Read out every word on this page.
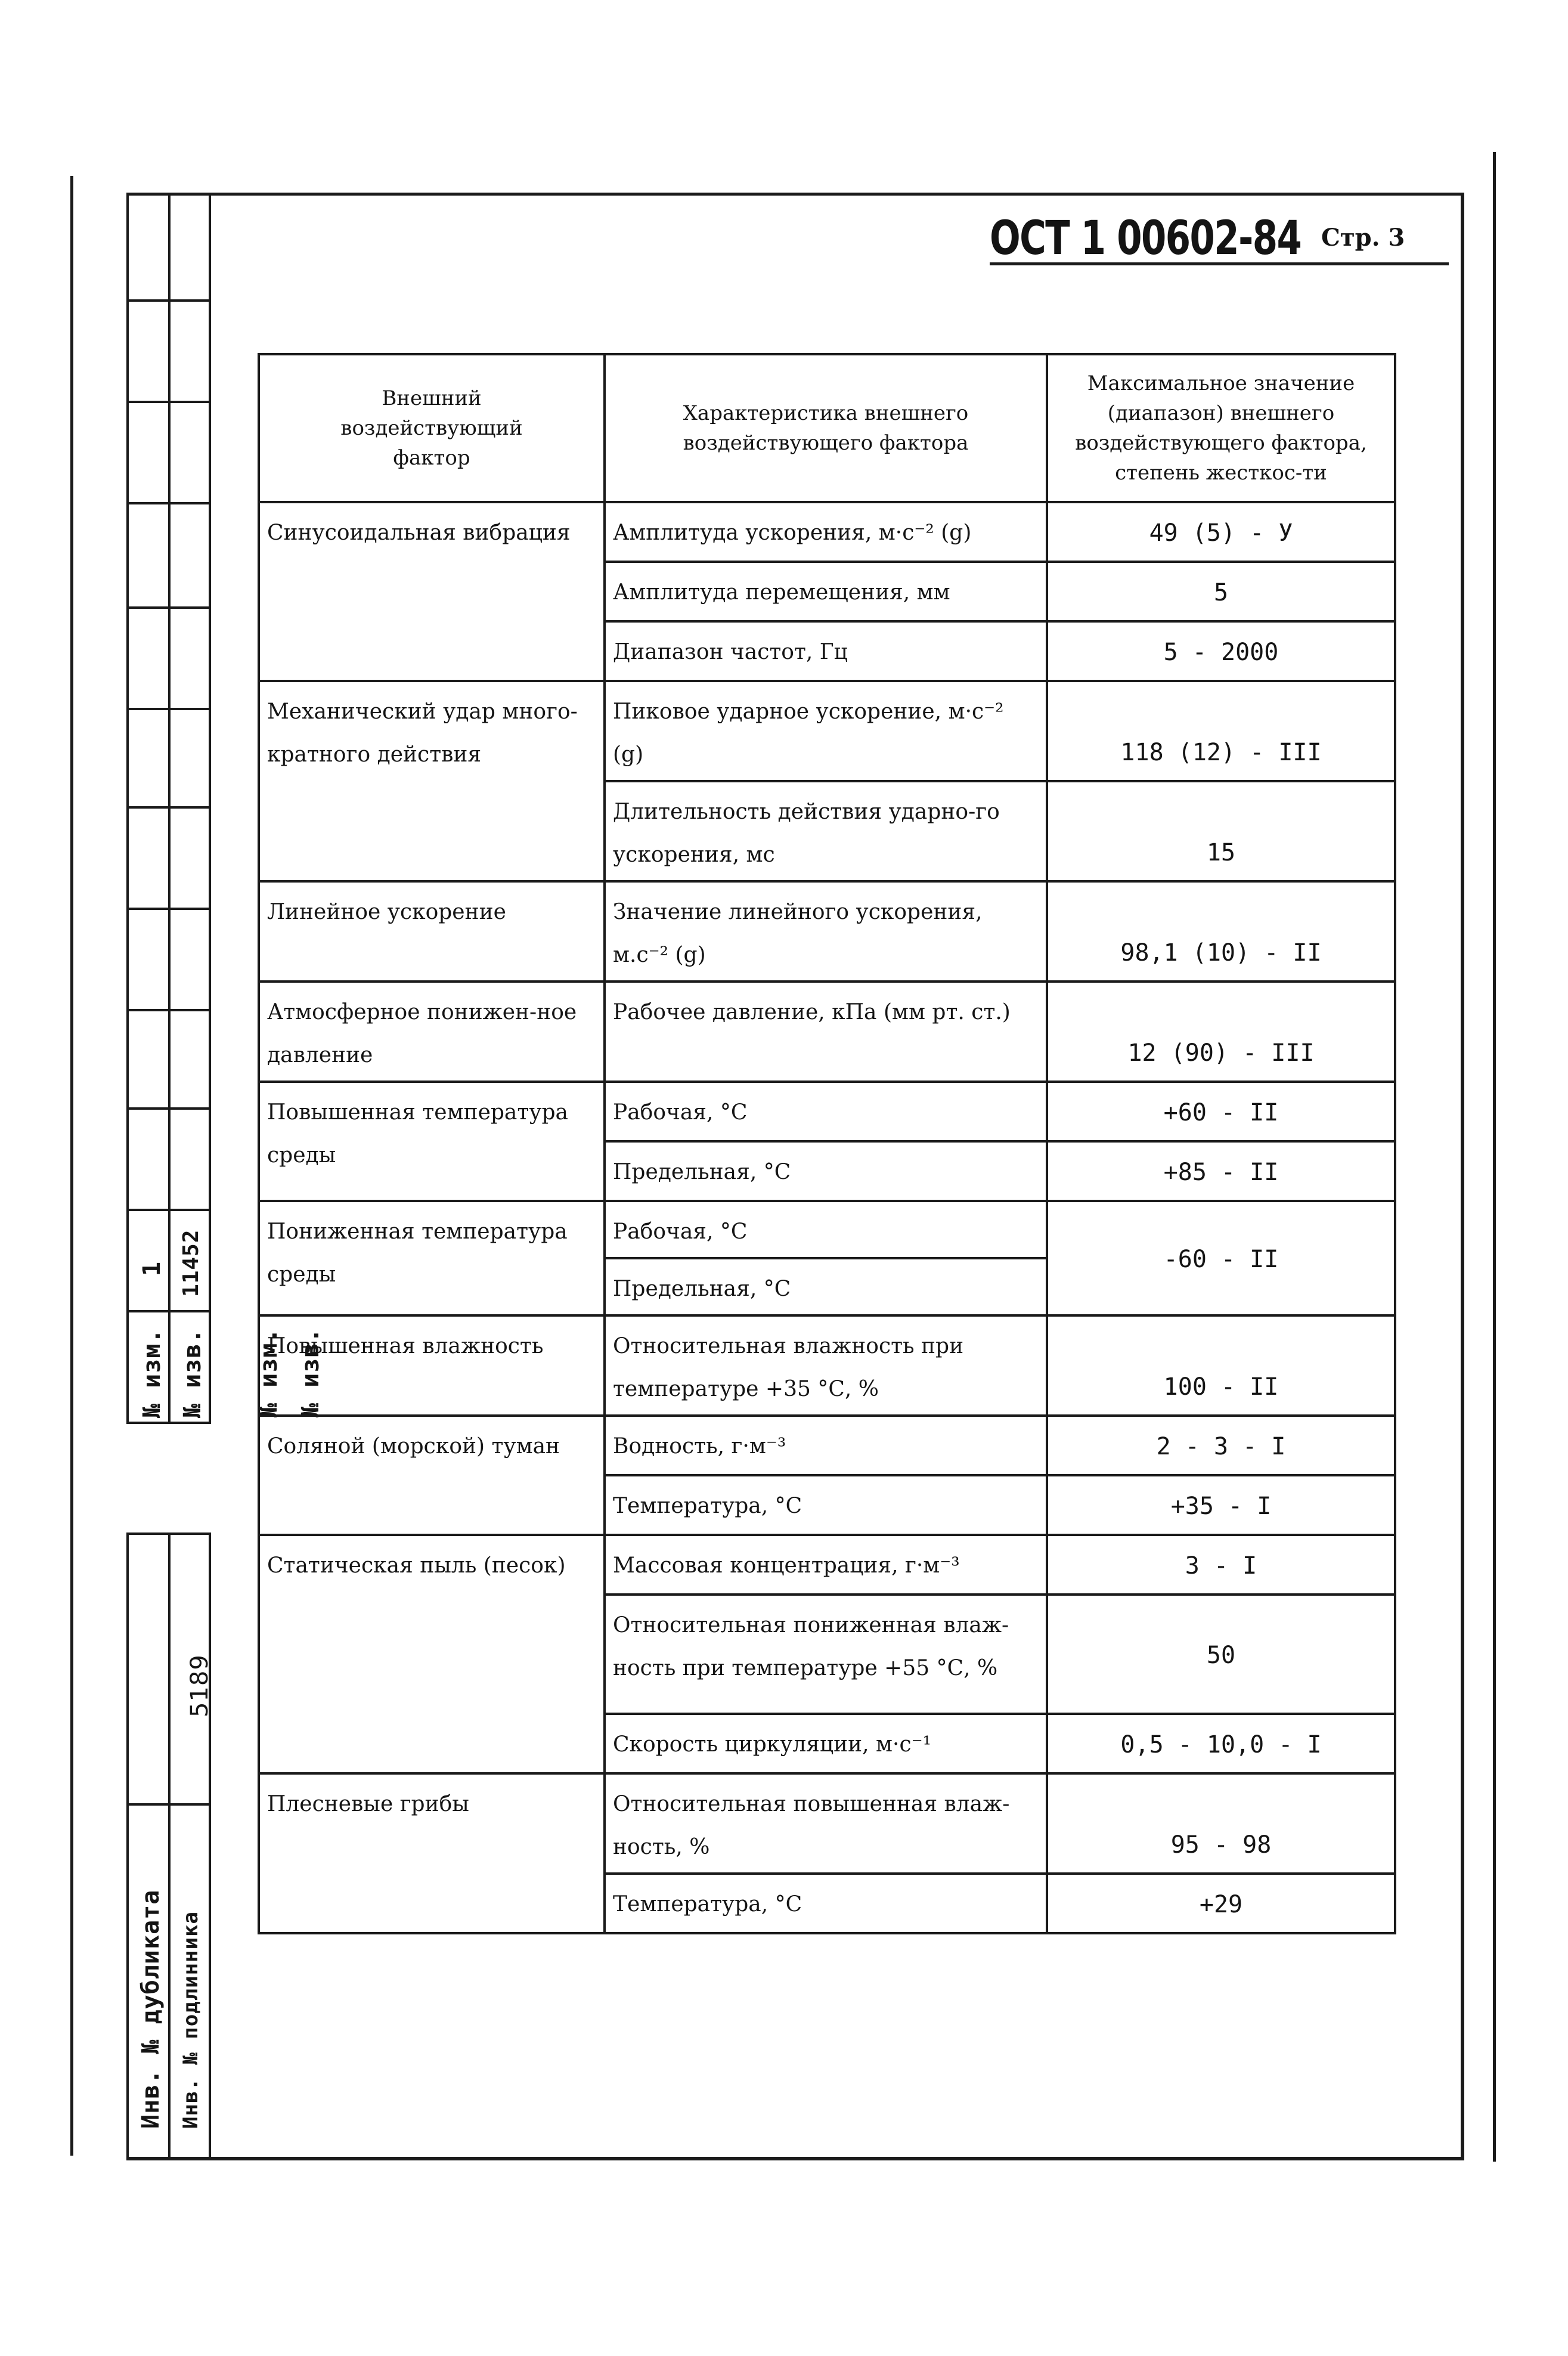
№ изм. № изв.
1 11452
№ изм. № изв.
5189
Инв. № дубликата Инв. № подлинника
ОСТ 1 00602-84 Стр. 3
Внешний воздействующий фактор	Характеристика внешнего воздействующего фактора	Максимальное значение (диапазон) внешнего воздействующего фактора, степень жесткос-ти
Синусоидальная вибрация	Амплитуда ускорения, м·с⁻² (g)	49 (5) - У
	Амплитуда перемещения, мм	5
	Диапазон частот, Гц	5 - 2000
Механический удар много-кратного действия	Пиковое ударное ускорение, м·с⁻² (g)	118 (12) - III
	Длительность действия ударно-го ускорения, мс	15
Линейное ускорение	Значение линейного ускорения, м.с⁻² (g)	98,1 (10) - II
Атмосферное понижен-ное давление	Рабочее давление, кПа (мм рт. ст.)	12 (90) - III
Повышенная температура среды	Рабочая, °С	+60 - II
	Предельная, °С	+85 - II
Пониженная температура среды	Рабочая, °С	-60 - II
	Предельная, °С	
Повышенная влажность	Относительная влажность при температуре +35 °С, %	100 - II
Соляной (морской) туман	Водность, г·м⁻³	2 - 3 - I
	Температура, °С	+35 - I
Статическая пыль (песок)	Массовая концентрация, г·м⁻³	3 - I
	Относительная пониженная влаж-ность при температуре +55 °С, %	50
	Скорость циркуляции, м·с⁻¹	0,5 - 10,0 - I
Плесневые грибы	Относительная повышенная влаж-ность, %	95 - 98
	Температура, °С	+29
